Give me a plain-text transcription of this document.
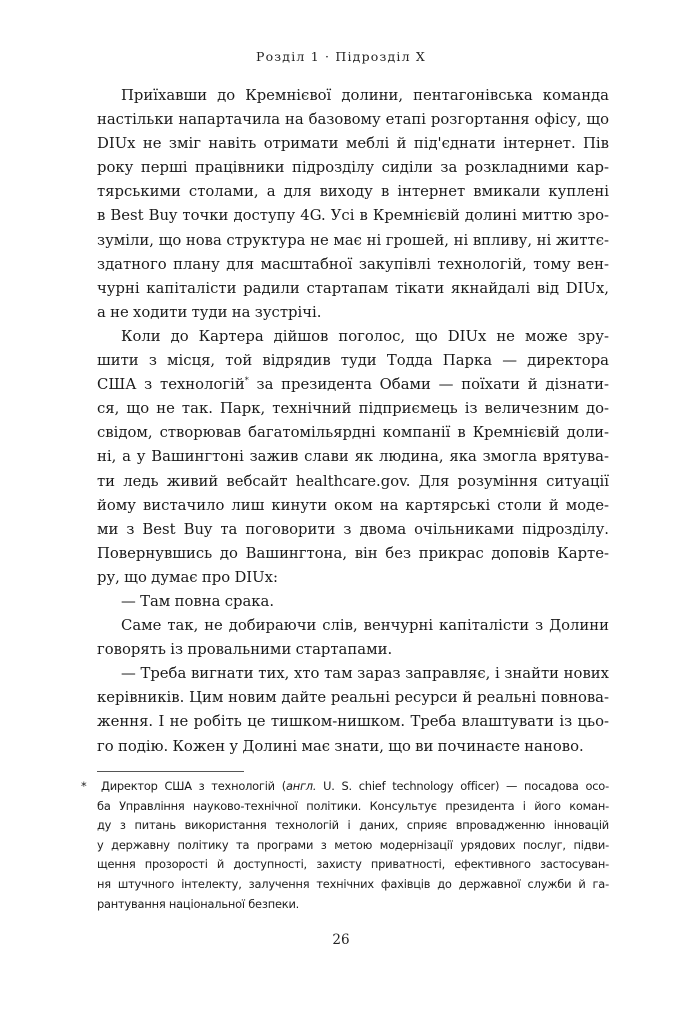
Розділ 1 · Підрозділ Х
Приїхавши до Кремнієвої долини, пентагонівська команда
настільки напартачила на базовому етапі розгортання офісу, що
DIUx не зміг навіть отримати меблі й під'єднати інтернет. Пів
року перші працівники підрозділу сиділи за розкладними кар-
тярськими столами, а для виходу в інтернет вмикали куплені
в Best Buy точки доступу 4G. Усі в Кремнієвій долині миттю зро-
зуміли, що нова структура не має ні грошей, ні впливу, ні життє-
здатного плану для масштабної закупівлі технологій, тому вен-
чурні капіталісти радили стартапам тікати якнайдалі від DIUx,
а не ходити туди на зустрічі.
Коли до Картера дійшов поголос, що DIUx не може зру-
шити з місця, той відрядив туди Тодда Парка — директора
США з технологій* за президента Обами — поїхати й дізнати-
ся, що не так. Парк, технічний підприємець із величезним до-
свідом, створював багатомільярдні компанії в Кремнієвій доли-
ні, а у Вашингтоні зажив слави як людина, яка змогла врятува-
ти ледь живий вебсайт healthcare.gov. Для розуміння ситуації
йому вистачило лиш кинути оком на картярські столи й моде-
ми з Best Buy та поговорити з двома очільниками підрозділу.
Повернувшись до Вашингтона, він без прикрас доповів Карте-
ру, що думає про DIUx:
— Там повна срака.
Саме так, не добираючи слів, венчурні капіталісти з Долини
говорять із провальними стартапами.
— Треба вигнати тих, хто там зараз заправляє, і знайти нових
керівників. Цим новим дайте реальні ресурси й реальні повнова-
ження. І не робіть це тишком-нишком. Треба влаштувати із цьо-
го подію. Кожен у Долині має знати, що ви починаєте наново.
*	Директор США з технологій (англ. U. S. chief technology officer) — посадова осо-
ба Управління науково-технічної політики. Консультує президента і його коман-
ду з питань використання технологій і даних, сприяє впровадженню інновацій
у державну політику та програми з метою модернізації урядових послуг, підви-
щення прозорості й доступності, захисту приватності, ефективного застосуван-
ня штучного інтелекту, залучення технічних фахівців до державної служби й га-
рантування національної безпеки.
26
